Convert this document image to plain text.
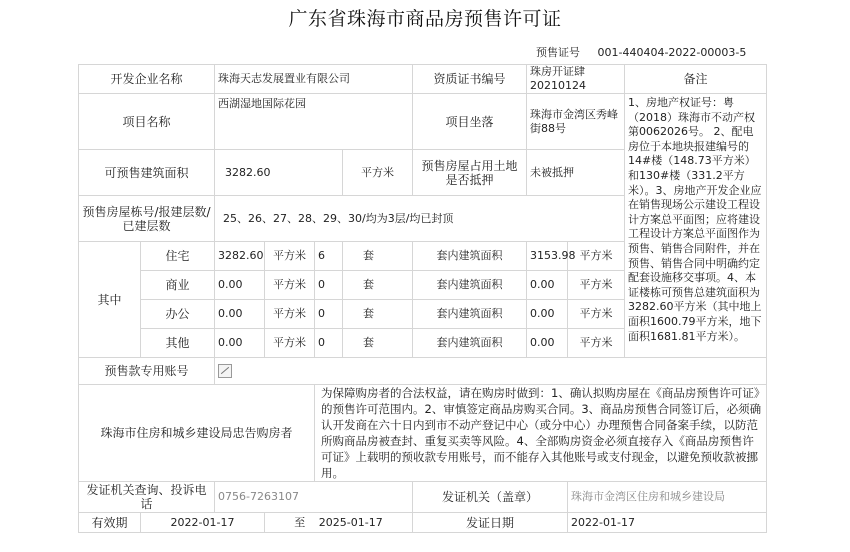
广东省珠海市商品房预售许可证
预售证号 001-440404-2022-00003-5
开发企业名称		珠海天志发展置业有限公司				资质证书编号	珠房开证肆20210124		备注
项目名称		西湖湿地国际花园				项目坐落	珠海市金湾区秀峰街88号		1、房地产权证号：粤（2018）珠海市不动产权第0062026号。 2、配电房位于本地块报建编号的14#楼（148.73平方米）和130#楼（331.2平方米）。3、房地产开发企业应在销售现场公示建设工程设计方案总平面图；应将建设工程设计方案总平面图作为预售、销售合同附件，并在预售、销售合同中明确约定配套设施移交事项。4、本证楼栋可预售总建筑面积为3282.60平方米（其中地上面积1600.79平方米，地下面积1681.81平方米）。
可预售建筑面积		3282.60			平方米	预售房屋占用土地是否抵押	未被抵押		
预售房屋栋号/报建层数/已建层数		25、26、27、28、29、30/均为3层/均已封顶							
其中	住宅	3282.60	平方米	6	套	套内建筑面积	3153.98	平方米	
	商业	0.00	平方米	0	套	套内建筑面积	0.00	平方米	
	办公	0.00	平方米	0	套	套内建筑面积	0.00	平方米	
	其他	0.00	平方米	0	套	套内建筑面积	0.00	平方米	
预售款专用账号									
珠海市住房和城乡建设局忠告购房者				为保障购房者的合法权益，请在购房时做到：1、确认拟购房屋在《商品房预售许可证》的预售许可范围内。2、审慎签定商品房购买合同。3、商品房预售合同签订后，必须确认开发商在六十日内到市不动产登记中心（或分中心）办理预售合同备案手续，以防范所购商品房被查封、重复买卖等风险。4、全部购房资金必须直接存入《商品房预售许可证》上载明的预收款专用账号，而不能存入其他账号或支付现金，以避免预收款被挪用。					
发证机关查询、投诉电话		0756-7263107				发证机关（盖章）		珠海市金湾区住房和城乡建设局	
有效期	2022-01-17		至 2025-01-17			发证日期		2022-01-17	
